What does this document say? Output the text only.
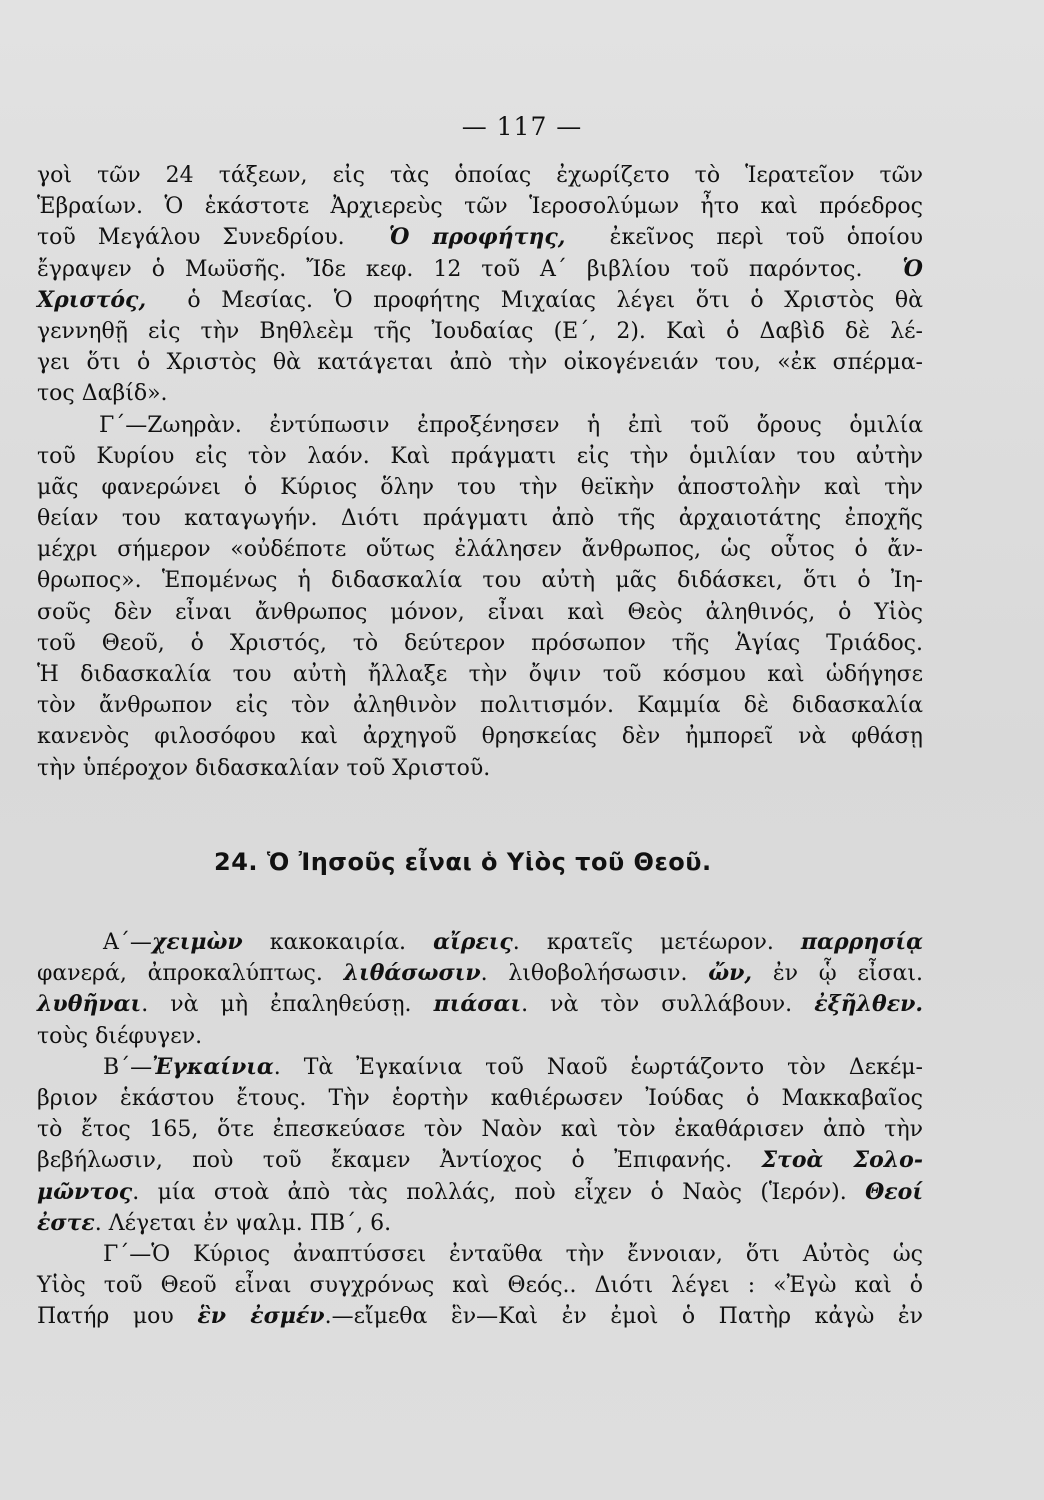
— 117 —
γοὶ τῶν 24 τάξεων, εἰς τὰς ὁποίας ἐχωρίζετο τὸ Ἱερατεῖον τῶν
Ἑβραίων. Ὁ ἑκάστοτε Ἀρχιερεὺς τῶν Ἱεροσολύμων ἦτο καὶ πρόεδρος
τοῦ Μεγάλου Συνεδρίου. Ὁ προφήτης, ἐκεῖνος περὶ τοῦ ὁποίου
ἔγραψεν ὁ Μωϋσῆς. Ἴδε κεφ. 12 τοῦ Α΄ βιβλίου τοῦ παρόντος. Ὁ
Χριστός, ὁ Μεσίας. Ὁ προφήτης Μιχαίας λέγει ὅτι ὁ Χριστὸς θὰ
γεννηθῇ εἰς τὴν Βηθλεὲμ τῆς Ἰουδαίας (Ε΄, 2). Καὶ ὁ Δαβὶδ δὲ λέ-
γει ὅτι ὁ Χριστὸς θὰ κατάγεται ἀπὸ τὴν οἰκογένειάν του, «ἐκ σπέρμα-
τος Δαβίδ».
Γ΄—Ζωηρὰν. ἐντύπωσιν ἐπροξένησεν ἡ ἐπὶ τοῦ ὄρους ὁμιλία
τοῦ Κυρίου εἰς τὸν λαόν. Καὶ πράγματι εἰς τὴν ὁμιλίαν του αὐτὴν
μᾶς φανερώνει ὁ Κύριος ὅλην του τὴν θεϊκὴν ἀποστολὴν καὶ τὴν
θείαν του καταγωγήν. Διότι πράγματι ἀπὸ τῆς ἀρχαιοτάτης ἐποχῆς
μέχρι σήμερον «οὐδέποτε οὕτως ἐλάλησεν ἄνθρωπος, ὡς οὗτος ὁ ἄν-
θρωπος». Ἑπομένως ἡ διδασκαλία του αὐτὴ μᾶς διδάσκει, ὅτι ὁ Ἰη-
σοῦς δὲν εἶναι ἄνθρωπος μόνον, εἶναι καὶ Θεὸς ἀληθινός, ὁ Υἱὸς
τοῦ Θεοῦ, ὁ Χριστός, τὸ δεύτερον πρόσωπον τῆς Ἁγίας Τριάδος.
Ἡ διδασκαλία του αὐτὴ ἤλλαξε τὴν ὄψιν τοῦ κόσμου καὶ ὡδήγησε
τὸν ἄνθρωπον εἰς τὸν ἀληθινὸν πολιτισμόν. Καμμία δὲ διδασκαλία
κανενὸς φιλοσόφου καὶ ἀρχηγοῦ θρησκείας δὲν ἠμπορεῖ νὰ φθάσῃ
τὴν ὑπέροχον διδασκαλίαν τοῦ Χριστοῦ.
24. Ὁ Ἰησοῦς εἶναι ὁ Υἱὸς τοῦ Θεοῦ.
Α΄—χειμὼν κακοκαιρία. αἴρεις. κρατεῖς μετέωρον. παρρησίᾳ
φανερά, ἀπροκαλύπτως. λιθάσωσιν. λιθοβολήσωσιν. ὤν, ἐν ᾧ εἶσαι.
λυθῆναι. νὰ μὴ ἐπαληθεύσῃ. πιάσαι. νὰ τὸν συλλάβουν. ἐξῆλθεν.
τοὺς διέφυγεν.
Β΄—Ἐγκαίνια. Τὰ Ἐγκαίνια τοῦ Ναοῦ ἑωρτάζοντο τὸν Δεκέμ-
βριον ἑκάστου ἔτους. Τὴν ἑορτὴν καθιέρωσεν Ἰούδας ὁ Μακκαβαῖος
τὸ ἔτος 165, ὅτε ἐπεσκεύασε τὸν Ναὸν καὶ τὸν ἐκαθάρισεν ἀπὸ τὴν
βεβήλωσιν, ποὺ τοῦ ἔκαμεν Ἀντίοχος ὁ Ἐπιφανής. Στοὰ Σολο-
μῶντος. μία στοὰ ἀπὸ τὰς πολλάς, ποὺ εἶχεν ὁ Ναὸς (Ἱερόν). Θεοί
ἐστε. Λέγεται ἐν ψαλμ. ΠΒ΄, 6.
Γ΄—Ὁ Κύριος ἀναπτύσσει ἐνταῦθα τὴν ἔννοιαν, ὅτι Αὐτὸς ὡς
Υἱὸς τοῦ Θεοῦ εἶναι συγχρόνως καὶ Θεός.. Διότι λέγει : «Ἐγὼ καὶ ὁ
Πατήρ μου ἓν ἐσμέν.—εἴμεθα ἓν—Καὶ ἐν ἐμοὶ ὁ Πατὴρ κἀγὼ ἐν
